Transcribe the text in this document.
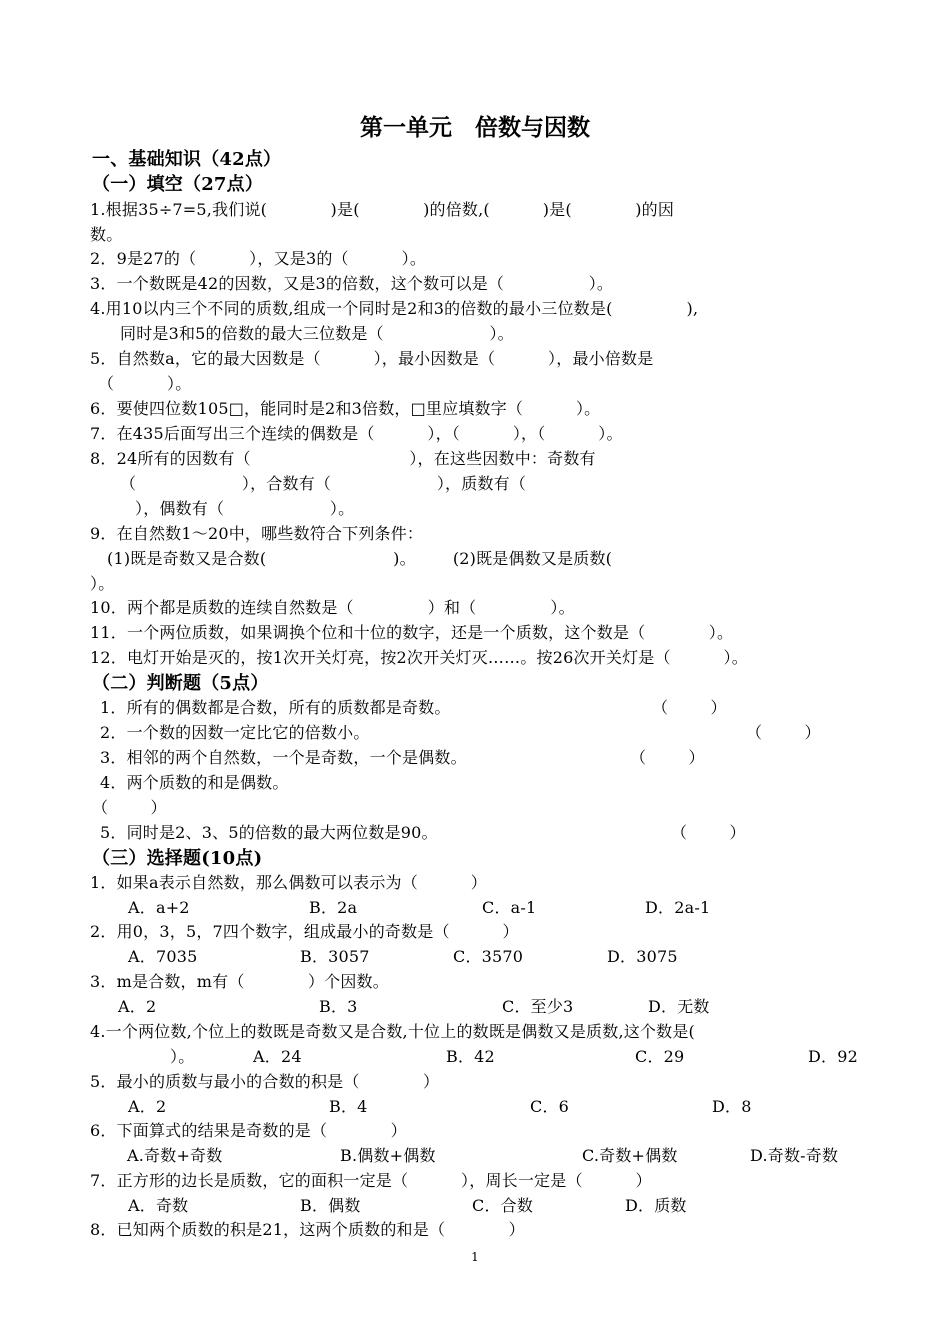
第一单元　倍数与因数
一、基础知识（42点）
（一）填空（27点）
1.根据35÷7=5,我们说(            )是(            )的倍数,(          )是(            )的因
数。
2．9是27的（          ），又是3的（          ）。
3．一个数既是42的因数，又是3的倍数，这个数可以是（                ）。
4.用10以内三个不同的质数,组成一个同时是2和3的倍数的最小三位数是(              ),
同时是3和5的倍数的最大三位数是（                    ）。
5．自然数a，它的最大因数是（          ），最小因数是（          ），最小倍数是
（          ）。
6．要使四位数105□，能同时是2和3倍数，□里应填数字（          ）。
7．在435后面写出三个连续的偶数是（          ），（          ），（          ）。
8．24所有的因数有（                              ），在这些因数中：奇数有
（                    ），合数有（                    ），质数有（
），偶数有（                    ）。
9．在自然数1～20中，哪些数符合下列条件：
(1)既是奇数又是合数(                        )。       (2)既是偶数又是质数(
）。
10．两个都是质数的连续自然数是（              ）和（              ）。
11．一个两位质数，如果调换个位和十位的数字，还是一个质数，这个数是（            ）。
12．电灯开始是灭的，按1次开关灯亮，按2次开关灯灭……。按26次开关灯是（          ）。
（二）判断题（5点）
1．所有的偶数都是合数，所有的质数都是奇数。	（        ）
2．一个数的因数一定比它的倍数小。	（        ）
3．相邻的两个自然数，一个是奇数，一个是偶数。	（        ）
4．两个质数的和是偶数。
（        ）
5．同时是2、3、5的倍数的最大两位数是90。	（        ）
（三）选择题(10点)
1．如果a表示自然数，那么偶数可以表示为（          ）
A．a+2	B．2a	C．a-1	D．2a-1
2．用0，3，5，7四个数字，组成最小的奇数是（          ）
A．7035	B．3057	C．3570	D．3075
3．m是合数，m有（            ）个因数。
A．2	B．3	C．至少3	D．无数
4.一个两位数,个位上的数既是奇数又是合数,十位上的数既是偶数又是质数,这个数是(
）。	A．24	B．42	C．29	D．92
5．最小的质数与最小的合数的积是（            ）
A．2	B．4	C．6	D．8
6．下面算式的结果是奇数的是（            ）
A.奇数+奇数	B.偶数+偶数	C.奇数+偶数	D.奇数-奇数
7．正方形的边长是质数，它的面积一定是（          ），周长一定是（          ）
A．奇数	B．偶数	C．合数	D．质数
8．已知两个质数的积是21，这两个质数的和是（            ）
1
